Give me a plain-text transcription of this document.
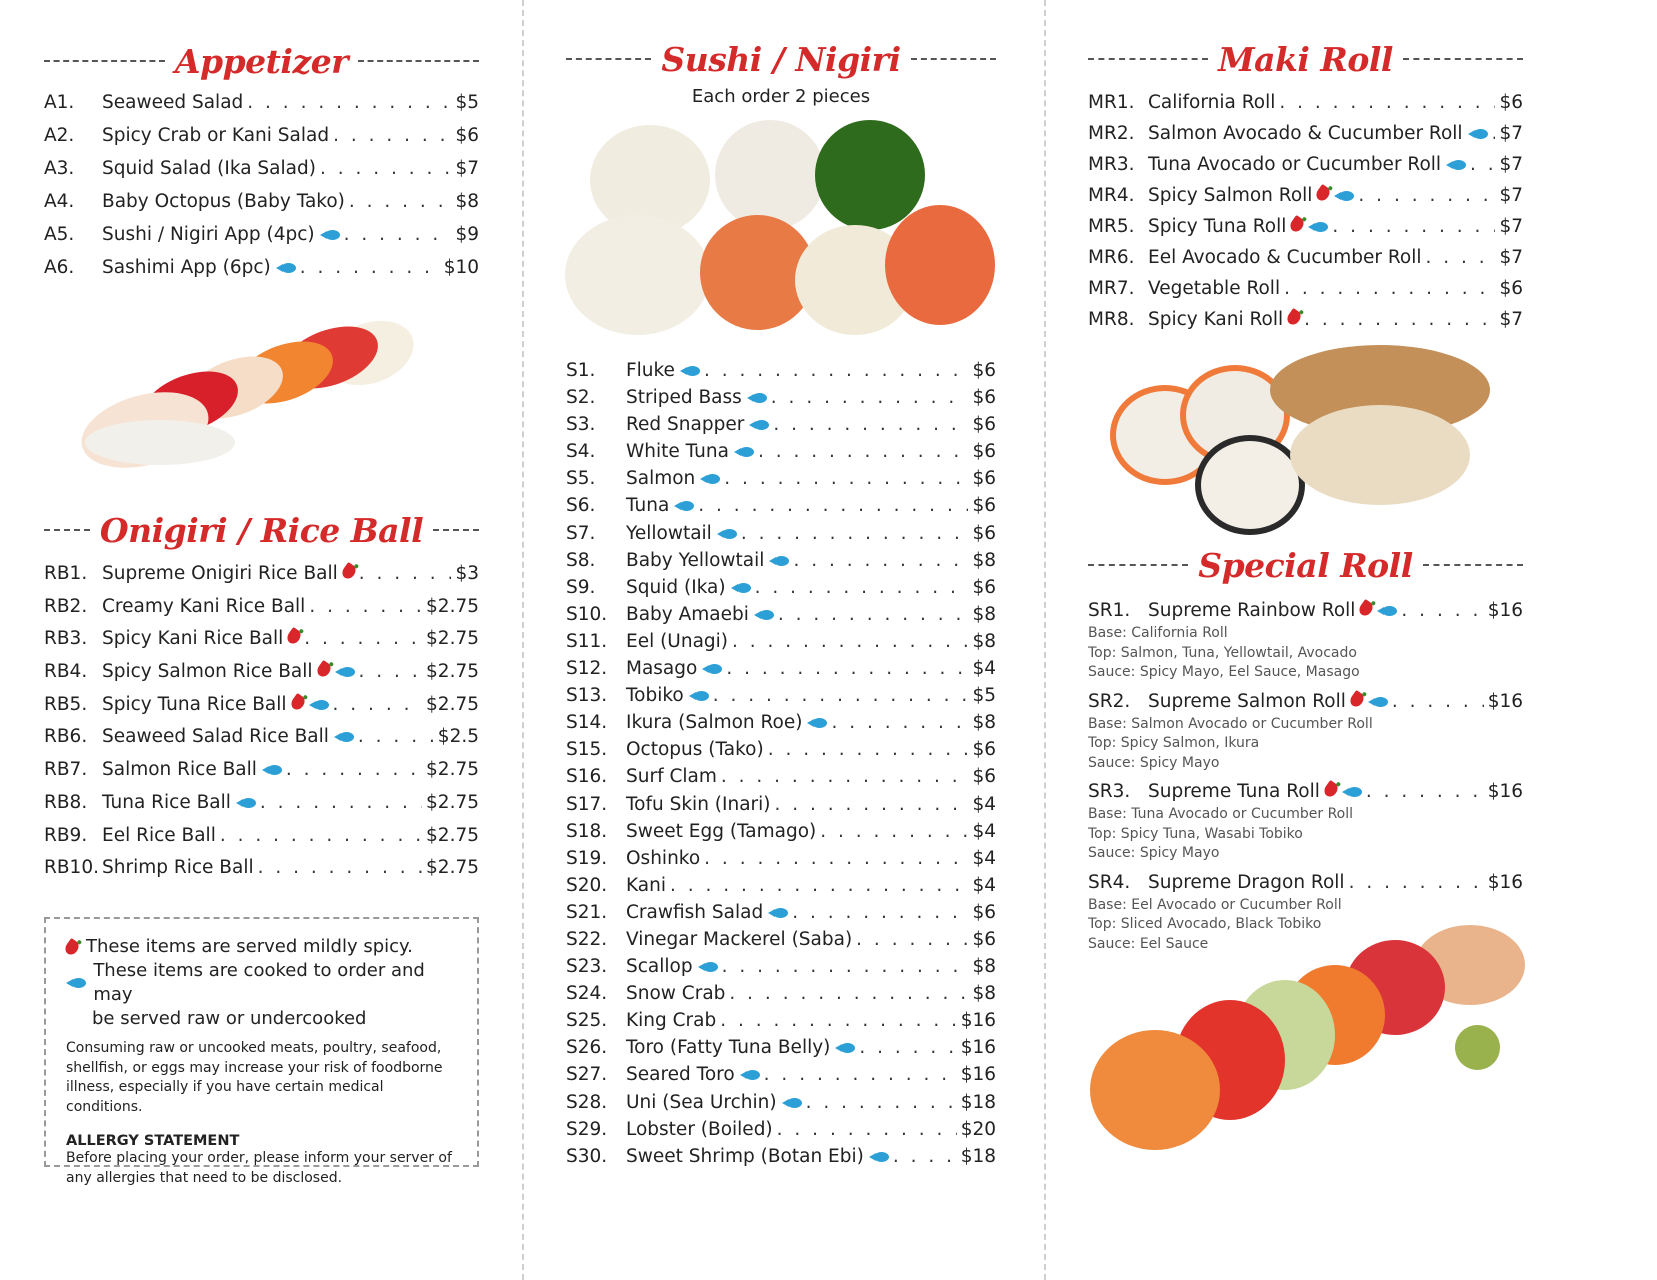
Appetizer
A1.	Seaweed Salad . . .	$5
A2.	Spicy Crab or Kani Salad . . .	$6
A3.	Squid Salad (Ika Salad) . . .	$7
A4.	Baby Octopus (Baby Tako) . . .	$8
A5.	Sushi / Nigiri App (4pc) . . .	$9
A6.	Sashimi App (6pc) . . .	$10
Onigiri / Rice Ball
RB1. Supreme Onigiri Rice Ball . . .	$3
RB2. Creamy Kani Rice Ball . . .	$2.75
RB3. Spicy Kani Rice Ball . . .	$2.75
RB4. Spicy Salmon Rice Ball . . .	$2.75
RB5. Spicy Tuna Rice Ball . . .	$2.75
RB6. Seaweed Salad Rice Ball . . .	$2.5
RB7. Salmon Rice Ball . . .	$2.75
RB8. Tuna Rice Ball . . .	$2.75
RB9. Eel Rice Ball . . .	$2.75
RB10. Shrimp Rice Ball . . .	$2.75
These items are served mildly spicy.
These items are cooked to order and may
be served raw or undercooked
Consuming raw or uncooked meats, poultry, seafood, shellfish, or eggs may increase your risk of foodborne illness, especially if you have certain medical conditions.
ALLERGY STATEMENT
Before placing your order, please inform your server of any allergies that need to be disclosed.
Sushi / Nigiri
Each order 2 pieces
S1.	Fluke . . .	$6
S2.	Striped Bass . . .	$6
S3.	Red Snapper . . .	$6
S4.	White Tuna . . .	$6
S5.	Salmon . . .	$6
S6.	Tuna . . .	$6
S7.	Yellowtail . . .	$6
S8.	Baby Yellowtail . . .	$8
S9.	Squid (Ika) . . .	$6
S10.	Baby Amaebi . . .	$8
S11.	Eel (Unagi) . . .	$8
S12.	Masago . . .	$4
S13.	Tobiko . . .	$5
S14.	Ikura (Salmon Roe) . . .	$8
S15.	Octopus (Tako) . . .	$6
S16.	Surf Clam . . .	$6
S17.	Tofu Skin (Inari) . . .	$4
S18.	Sweet Egg (Tamago) . . .	$4
S19.	Oshinko . . .	$4
S20.	Kani . . .	$4
S21.	Crawfish Salad . . .	$6
S22.	Vinegar Mackerel (Saba) . . .	$6
S23.	Scallop . . .	$8
S24.	Snow Crab . . .	$8
S25.	King Crab . . .	$16
S26.	Toro (Fatty Tuna Belly) . . .	$16
S27.	Seared Toro . . .	$16
S28.	Uni (Sea Urchin) . . .	$18
S29.	Lobster (Boiled) . . .	$20
S30.	Sweet Shrimp (Botan Ebi) . . .	$18
Maki Roll
MR1. California Roll . . .	$6
MR2. Salmon Avocado & Cucumber Roll . . . $7
MR3. Tuna Avocado or Cucumber Roll . . .	$7
MR4. Spicy Salmon Roll . . .	$7
MR5. Spicy Tuna Roll . . .	$7
MR6. Eel Avocado & Cucumber Roll . . .	$7
MR7. Vegetable Roll . . .	$6
MR8. Spicy Kani Roll . . .	$7
Special Roll
SR1. Supreme Rainbow Roll . . .	$16
Base: California Roll
Top: Salmon, Tuna, Yellowtail, Avocado
Sauce: Spicy Mayo, Eel Sauce, Masago
SR2. Supreme Salmon Roll . . .	$16
Base: Salmon Avocado or Cucumber Roll
Top: Spicy Salmon, Ikura
Sauce: Spicy Mayo
SR3. Supreme Tuna Roll . . .	$16
Base: Tuna Avocado or Cucumber Roll
Top: Spicy Tuna, Wasabi Tobiko
Sauce: Spicy Mayo
SR4. Supreme Dragon Roll . . .	$16
Base: Eel Avocado or Cucumber Roll
Top: Sliced Avocado, Black Tobiko
Sauce: Eel Sauce
